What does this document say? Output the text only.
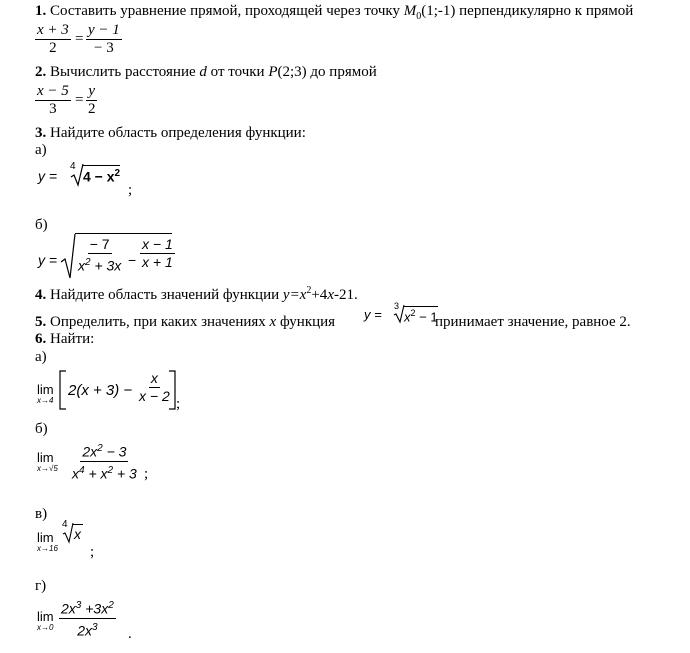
1. Составить уравнение прямой, проходящей через точку $M_0(1;-1)$ перпендикулярно к прямой
$\frac{x + 3}{2} = \frac{y - 1}{- 3}$
2. Вычислить расстояние d от точки P(2;3) до прямой
$\frac{x - 5}{3} = \frac{y}{2}$
3. Найдите область определения функции:
а)
y =
4
$4 - x^2$
;
б)
$y = \frac{- 7}{x^2 + 3x} - \frac{x - 1}{x + 1}$
4. Найдите область значений функции $y=x^2+4x-21$.
5. Определить, при каких значениях x функция y =
3
$x^2 - 1$
принимает значение, равное 2.
6. Найти:
а)
lim
x→4
$2(x + 3) - \frac{x}{x - 2}$ ;
б)
lim
$x\to√5 \frac{2x^2 - 3}{x^4 + x^2 + 3}$ ;
в)
lim
x→16
4
x
;
г)
lim
$x\to 0 \frac{2x^3 +3x^2}{2x^3}$ .
